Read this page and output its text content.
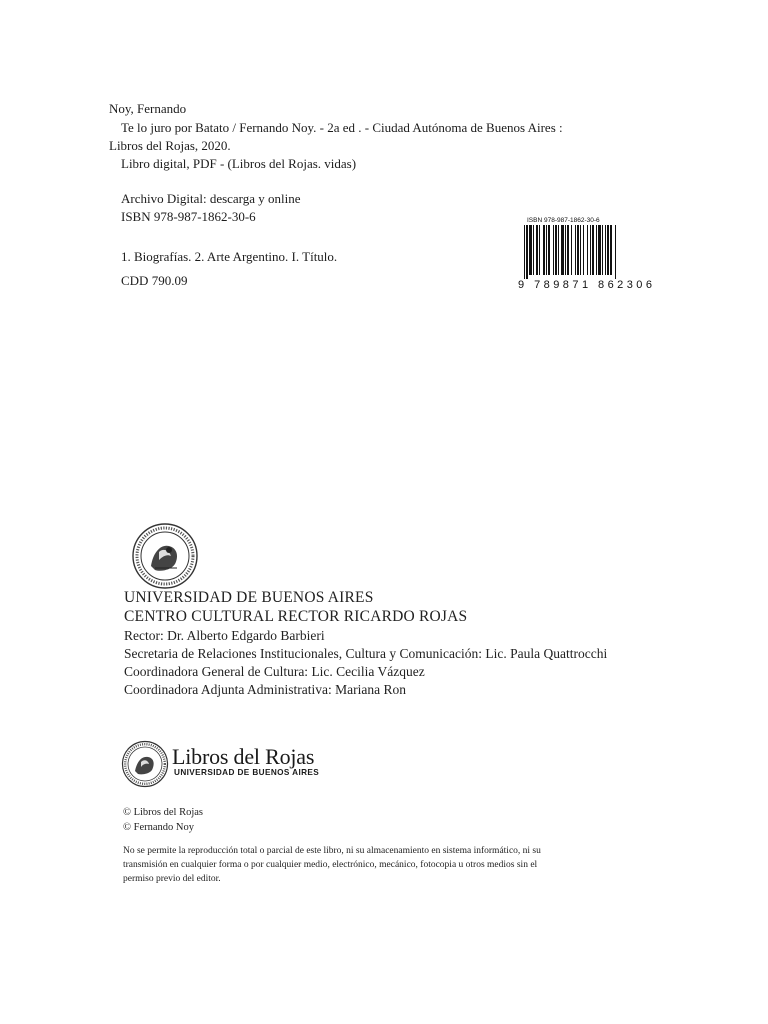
Noy, Fernando
Te lo juro por Batato / Fernando Noy. - 2a ed . - Ciudad Autónoma de Buenos Aires :
Libros del Rojas, 2020.
Libro digital, PDF - (Libros del Rojas. vidas)
Archivo Digital: descarga y online
ISBN 978-987-1862-30-6
1. Biografías. 2. Arte Argentino. I. Título.
CDD 790.09
ISBN 978-987-1862-30-6
9 789871 862306
UNIVERSIDAD DE BUENOS AIRES
CENTRO CULTURAL RECTOR RICARDO ROJAS
Rector: Dr. Alberto Edgardo Barbieri
Secretaria de Relaciones Institucionales, Cultura y Comunicación: Lic. Paula Quattrocchi
Coordinadora General de Cultura: Lic. Cecilia Vázquez
Coordinadora Adjunta Administrativa: Mariana Ron
Libros del Rojas
UNIVERSIDAD DE BUENOS AIRES
© Libros del Rojas
© Fernando Noy

No se permite la reproducción total o parcial de este libro, ni su almacenamiento en sistema informático, ni su

transmisión en cualquier forma o por cualquier medio, electrónico, mecánico, fotocopia u otros medios sin el

permiso previo del editor.
